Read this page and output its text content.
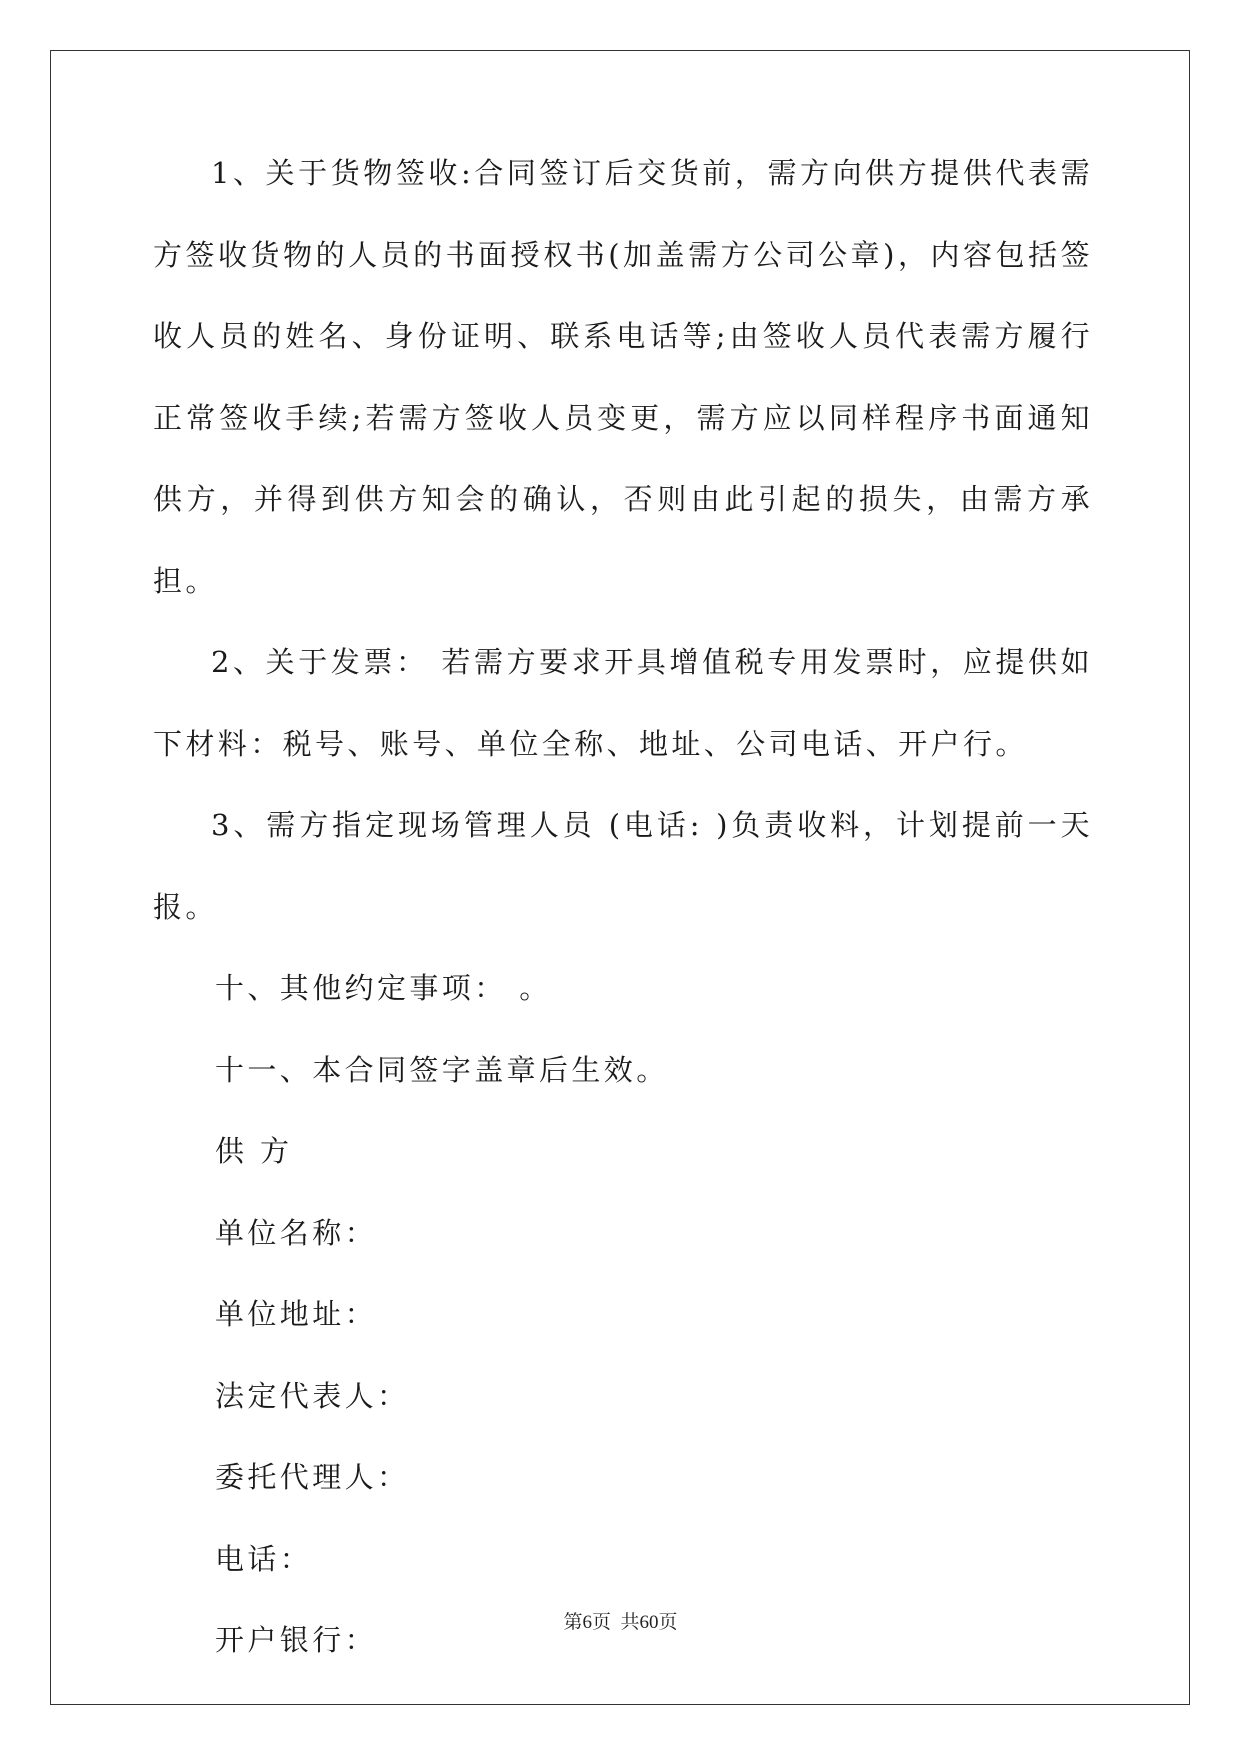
1、关于货物签收:合同签订后交货前，需方向供方提供代表需方签收货物的人员的书面授权书(加盖需方公司公章)，内容包括签收人员的姓名、身份证明、联系电话等;由签收人员代表需方履行正常签收手续;若需方签收人员变更，需方应以同样程序书面通知供方，并得到供方知会的确认，否则由此引起的损失，由需方承担。

2、关于发票： 若需方要求开具增值税专用发票时，应提供如下材料：税号、账号、单位全称、地址、公司电话、开户行。

3、需方指定现场管理人员 (电话: )负责收料，计划提前一天报。

十、其他约定事项： 。

十一、本合同签字盖章后生效。

供 方

单位名称：

单位地址：

法定代表人：

委托代理人：

电话：

开户银行：

第6页  共60页
